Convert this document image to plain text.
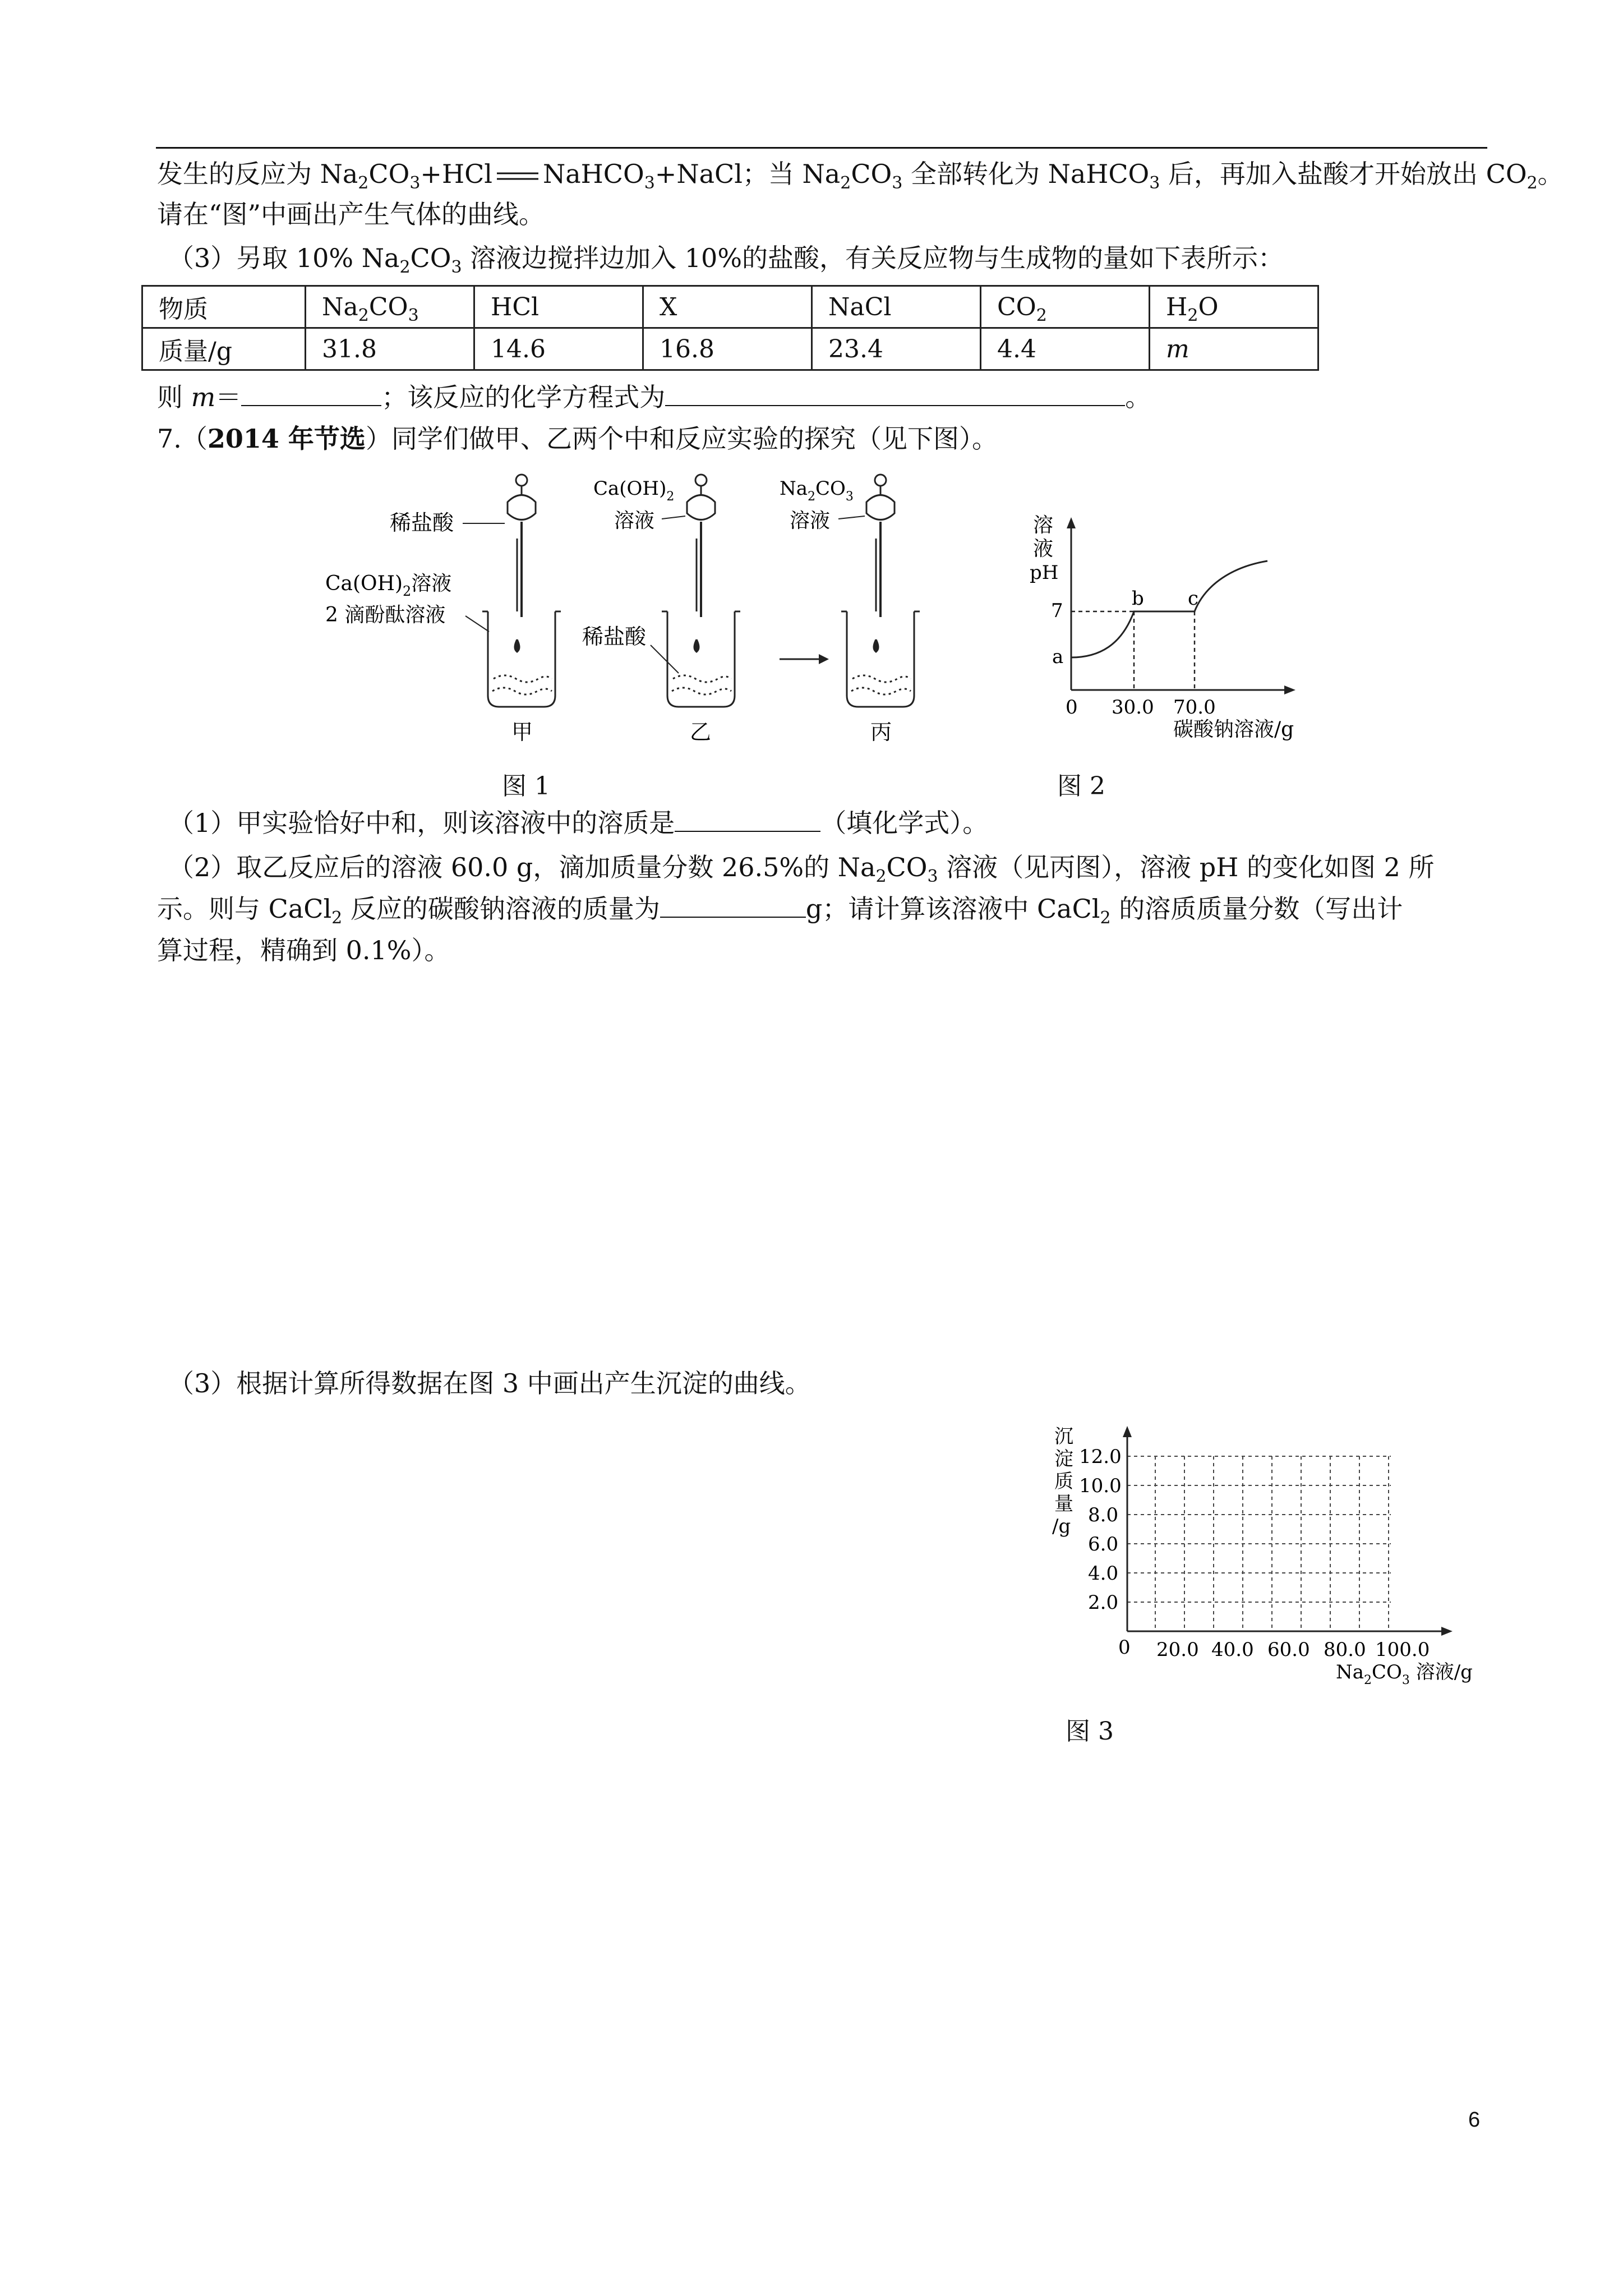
发生的反应为 $Na_2CO_3+HCl$ NaHCO$_3$+NaCl；当 $Na_2CO_3$ 全部转化为 NaHCO$_3$ 后，再加入盐酸才开始放出 $CO_2$。
请在“图”中画出产生气体的曲线。
（3）另取 10% $Na_2CO_3$ 溶液边搅拌边加入 10%的盐酸，有关反应物与生成物的量如下表所示：
物质	$Na_2CO_3$	HCl	X	NaCl	$CO_2$	$H_2O$
质量/g	31.8	14.6	16.8	23.4	4.4	m
则 m＝	；该反应的化学方程式为	。
7.（2014 年节选）同学们做甲、乙两个中和反应实验的探究（见下图）。
稀盐酸
$Ca(OH)_2$溶液
2 滴酚酞溶液
甲
$Ca(OH)_2$
溶液
稀盐酸
乙
$Na_2CO_3$
溶液
丙
图 1
溶
液
pH
7
a
b c
0 30.0 70.0
碳酸钠溶液/g
图 2
（1）甲实验恰好中和，则该溶液中的溶质是	（填化学式）。
（2）取乙反应后的溶液 60.0 g，滴加质量分数 26.5%的 $Na_2CO_3$ 溶液（见丙图），溶液 pH 的变化如图 2 所
示。则与 CaCl$_2$ 反应的碳酸钠溶液的质量为	g；请计算该溶液中 CaCl$_2$ 的溶质质量分数（写出计
算过程，精确到 0.1%）。
（3）根据计算所得数据在图 3 中画出产生沉淀的曲线。
沉
淀
质
量
/g
12.0
10.0
8.0
6.0
4.0
2.0
0 20.0 40.0 60.0 80.0 100.0
$Na_2CO_3$ 溶液/g
图 3
6
